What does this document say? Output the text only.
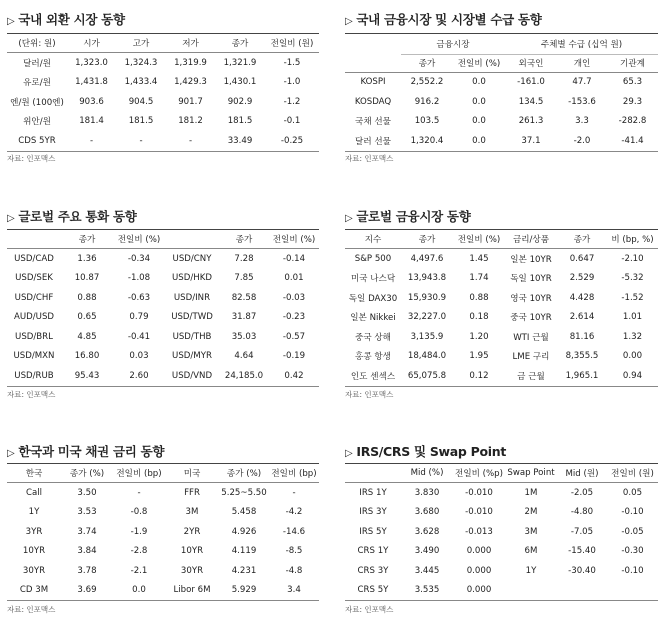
▷ 국내 외환 시장 동향
(단위: 원)	시가	고가	저가	종가	전일비 (원)
달러/원	1,323.0	1,324.3	1,319.9	1,321.9	-1.5
유로/원	1,431.8	1,433.4	1,429.3	1,430.1	-1.0
엔/원 (100엔)	903.6	904.5	901.7	902.9	-1.2
위안/원	181.4	181.5	181.2	181.5	-0.1
CDS 5YR	-	-	-	33.49	-0.25
자료: 인포맥스
▷ 국내 금융시장 및 시장별 수급 동향
	금융시장		주체별 수급 (십억 원)		
	종가	전일비 (%)	외국인	개인	기관계
KOSPI	2,552.2	0.0	-161.0	47.7	65.3
KOSDAQ	916.2	0.0	134.5	-153.6	29.3
국채 선물	103.5	0.0	261.3	3.3	-282.8
달러 선물	1,320.4	0.0	37.1	-2.0	-41.4
자료: 인포맥스
▷ 글로벌 주요 통화 동향
	종가	전일비 (%)		종가	전일비 (%)
USD/CAD	1.36	-0.34	USD/CNY	7.28	-0.14
USD/SEK	10.87	-1.08	USD/HKD	7.85	0.01
USD/CHF	0.88	-0.63	USD/INR	82.58	-0.03
AUD/USD	0.65	0.79	USD/TWD	31.87	-0.23
USD/BRL	4.85	-0.41	USD/THB	35.03	-0.57
USD/MXN	16.80	0.03	USD/MYR	4.64	-0.19
USD/RUB	95.43	2.60	USD/VND	24,185.0	0.42
자료: 인포맥스
▷ 글로벌 금융시장 동향
지수	종가	전일비 (%)	금리/상품	종가	비 (bp, %)
S&P 500	4,497.6	1.45	일본 10YR	0.647	-2.10
미국 나스닥	13,943.8	1.74	독일 10YR	2.529	-5.32
독일 DAX30	15,930.9	0.88	영국 10YR	4.428	-1.52
일본 Nikkei	32,227.0	0.18	중국 10YR	2.614	1.01
중국 상해	3,135.9	1.20	WTI 근월	81.16	1.32
홍콩 항생	18,484.0	1.95	LME 구리	8,355.5	0.00
인도 센섹스	65,075.8	0.12	금 근월	1,965.1	0.94
자료: 인포맥스
▷ 한국과 미국 채권 금리 동향
한국	종가 (%)	전일비 (bp)	미국	종가 (%)	전일비 (bp)
Call	3.50	-	FFR	5.25~5.50	-
1Y	3.53	-0.8	3M	5.458	-4.2
3YR	3.74	-1.9	2YR	4.926	-14.6
10YR	3.84	-2.8	10YR	4.119	-8.5
30YR	3.78	-2.1	30YR	4.231	-4.8
CD 3M	3.69	0.0	Libor 6M	5.929	3.4
자료: 인포맥스
▷ IRS/CRS 및 Swap Point
	Mid (%)	전일비 (%p)	Swap Point	Mid (원)	전일비 (원)
IRS 1Y	3.830	-0.010	1M	-2.05	0.05
IRS 3Y	3.680	-0.010	2M	-4.80	-0.10
IRS 5Y	3.628	-0.013	3M	-7.05	-0.05
CRS 1Y	3.490	0.000	6M	-15.40	-0.30
CRS 3Y	3.445	0.000	1Y	-30.40	-0.10
CRS 5Y	3.535	0.000			
자료: 인포맥스
